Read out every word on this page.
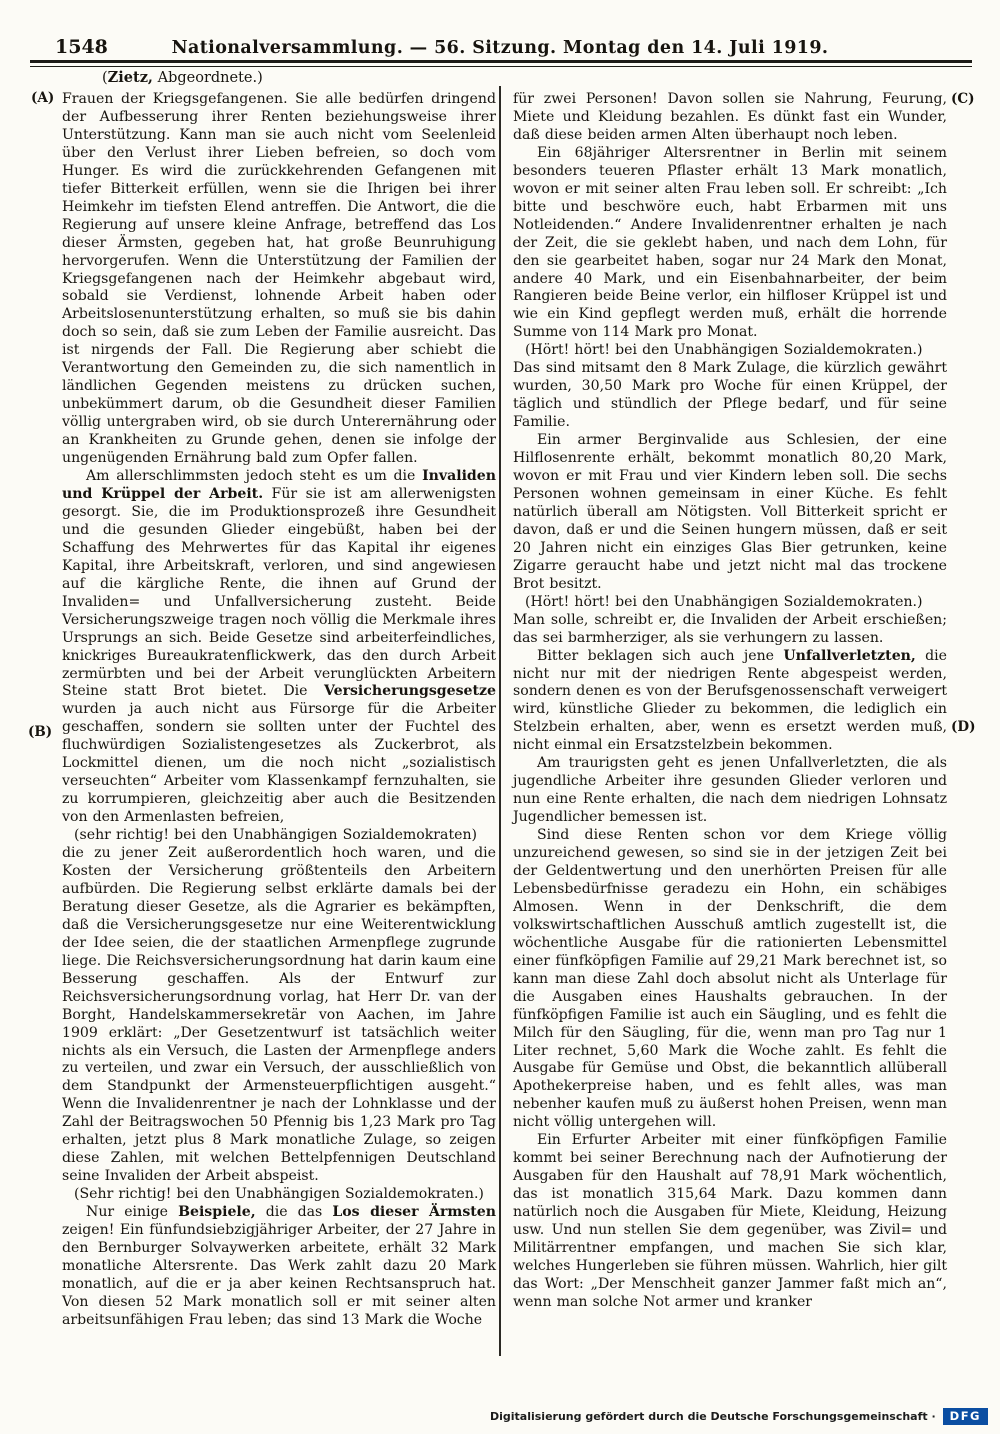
1548	Nationalversammlung. — 56. Sitzung. Montag den 14. Juli 1919.
(Zietz, Abgeordnete.)
(A)
(B)
(C)
(D)

Frauen der Kriegsgefangenen. Sie alle bedürfen dringend der Aufbesserung ihrer Renten beziehungsweise ihrer Unterstützung. Kann man sie auch nicht vom Seelenleid über den Verlust ihrer Lieben befreien, so doch vom Hunger. Es wird die zurückkehrenden Gefangenen mit tiefer Bitterkeit erfüllen, wenn sie die Ihrigen bei ihrer Heimkehr im tiefsten Elend antreffen. Die Antwort, die die Regierung auf unsere kleine Anfrage, betreffend das Los dieser Ärmsten, gegeben hat, hat große Beunruhigung hervorgerufen. Wenn die Unterstützung der Familien der Kriegsgefangenen nach der Heimkehr abgebaut wird, sobald sie Verdienst, lohnende Arbeit haben oder Arbeitslosenunterstützung erhalten, so muß sie bis dahin doch so sein, daß sie zum Leben der Familie ausreicht. Das ist nirgends der Fall. Die Regierung aber schiebt die Verantwortung den Gemeinden zu, die sich namentlich in ländlichen Gegenden meistens zu drücken suchen, unbekümmert darum, ob die Gesundheit dieser Familien völlig untergraben wird, ob sie durch Unterernährung oder an Krankheiten zu Grunde gehen, denen sie infolge der ungenügenden Ernährung bald zum Opfer fallen.

Am allerschlimmsten jedoch steht es um die Invaliden und Krüppel der Arbeit. Für sie ist am allerwenigsten gesorgt. Sie, die im Produktionsprozeß ihre Gesundheit und die gesunden Glieder eingebüßt, haben bei der Schaffung des Mehrwertes für das Kapital ihr eigenes Kapital, ihre Arbeitskraft, verloren, und sind angewiesen auf die kärgliche Rente, die ihnen auf Grund der Invaliden= und Unfallversicherung zusteht. Beide Versicherungszweige tragen noch völlig die Merkmale ihres Ursprungs an sich. Beide Gesetze sind arbeiterfeindliches, knickriges Bureaukratenflickwerk, das den durch Arbeit zermürbten und bei der Arbeit verunglückten Arbeitern Steine statt Brot bietet. Die Versicherungsgesetze wurden ja auch nicht aus Fürsorge für die Arbeiter geschaffen, sondern sie sollten unter der Fuchtel des fluchwürdigen Sozialistengesetzes als Zuckerbrot, als Lockmittel dienen, um die noch nicht „sozialistisch verseuchten“ Arbeiter vom Klassenkampf fernzuhalten, sie zu korrumpieren, gleichzeitig aber auch die Besitzenden von den Armenlasten befreien,

(sehr richtig! bei den Unabhängigen Sozialdemokraten)

die zu jener Zeit außerordentlich hoch waren, und die Kosten der Versicherung größtenteils den Arbeitern aufbürden. Die Regierung selbst erklärte damals bei der Beratung dieser Gesetze, als die Agrarier es bekämpften, daß die Versicherungsgesetze nur eine Weiterentwicklung der Idee seien, die der staatlichen Armenpflege zugrunde liege. Die Reichsversicherungsordnung hat darin kaum eine Besserung geschaffen. Als der Entwurf zur Reichsversicherungsordnung vorlag, hat Herr Dr. van der Borght, Handelskammersekretär von Aachen, im Jahre 1909 erklärt: „Der Gesetzentwurf ist tatsächlich weiter nichts als ein Versuch, die Lasten der Armenpflege anders zu verteilen, und zwar ein Versuch, der ausschließlich von dem Standpunkt der Armensteuerpflichtigen ausgeht.“ Wenn die Invalidenrentner je nach der Lohnklasse und der Zahl der Beitragswochen 50 Pfennig bis 1,23 Mark pro Tag erhalten, jetzt plus 8 Mark monatliche Zulage, so zeigen diese Zahlen, mit welchen Bettelpfennigen Deutschland seine Invaliden der Arbeit abspeist.

(Sehr richtig! bei den Unabhängigen Sozialdemokraten.)

Nur einige Beispiele, die das Los dieser Ärmsten zeigen! Ein fünfundsiebzigjähriger Arbeiter, der 27 Jahre in den Bernburger Solvaywerken arbeitete, erhält 32 Mark monatliche Altersrente. Das Werk zahlt dazu 20 Mark monatlich, auf die er ja aber keinen Rechtsanspruch hat. Von diesen 52 Mark monatlich soll er mit seiner alten arbeitsunfähigen Frau leben; das sind 13 Mark die Woche

für zwei Personen! Davon sollen sie Nahrung, Feurung, Miete und Kleidung bezahlen. Es dünkt fast ein Wunder, daß diese beiden armen Alten überhaupt noch leben.

Ein 68jähriger Altersrentner in Berlin mit seinem besonders teueren Pflaster erhält 13 Mark monatlich, wovon er mit seiner alten Frau leben soll. Er schreibt: „Ich bitte und beschwöre euch, habt Erbarmen mit uns Notleidenden.“ Andere Invalidenrentner erhalten je nach der Zeit, die sie geklebt haben, und nach dem Lohn, für den sie gearbeitet haben, sogar nur 24 Mark den Monat, andere 40 Mark, und ein Eisenbahnarbeiter, der beim Rangieren beide Beine verlor, ein hilfloser Krüppel ist und wie ein Kind gepflegt werden muß, erhält die horrende Summe von 114 Mark pro Monat.

(Hört! hört! bei den Unabhängigen Sozialdemokraten.)

Das sind mitsamt den 8 Mark Zulage, die kürzlich gewährt wurden, 30,50 Mark pro Woche für einen Krüppel, der täglich und stündlich der Pflege bedarf, und für seine Familie.

Ein armer Berginvalide aus Schlesien, der eine Hilflosenrente erhält, bekommt monatlich 80,20 Mark, wovon er mit Frau und vier Kindern leben soll. Die sechs Personen wohnen gemeinsam in einer Küche. Es fehlt natürlich überall am Nötigsten. Voll Bitterkeit spricht er davon, daß er und die Seinen hungern müssen, daß er seit 20 Jahren nicht ein einziges Glas Bier getrunken, keine Zigarre geraucht habe und jetzt nicht mal das trockene Brot besitzt.

(Hört! hört! bei den Unabhängigen Sozialdemokraten.)

Man solle, schreibt er, die Invaliden der Arbeit erschießen; das sei barmherziger, als sie verhungern zu lassen.

Bitter beklagen sich auch jene Unfallverletzten, die nicht nur mit der niedrigen Rente abgespeist werden, sondern denen es von der Berufsgenossenschaft verweigert wird, künstliche Glieder zu bekommen, die lediglich ein Stelzbein erhalten, aber, wenn es ersetzt werden muß, nicht einmal ein Ersatzstelzbein bekommen.

Am traurigsten geht es jenen Unfallverletzten, die als jugendliche Arbeiter ihre gesunden Glieder verloren und nun eine Rente erhalten, die nach dem niedrigen Lohnsatz Jugendlicher bemessen ist.

Sind diese Renten schon vor dem Kriege völlig unzureichend gewesen, so sind sie in der jetzigen Zeit bei der Geldentwertung und den unerhörten Preisen für alle Lebensbedürfnisse geradezu ein Hohn, ein schäbiges Almosen. Wenn in der Denkschrift, die dem volkswirtschaftlichen Ausschuß amtlich zugestellt ist, die wöchentliche Ausgabe für die rationierten Lebensmittel einer fünfköpfigen Familie auf 29,21 Mark berechnet ist, so kann man diese Zahl doch absolut nicht als Unterlage für die Ausgaben eines Haushalts gebrauchen. In der fünfköpfigen Familie ist auch ein Säugling, und es fehlt die Milch für den Säugling, für die, wenn man pro Tag nur 1 Liter rechnet, 5,60 Mark die Woche zahlt. Es fehlt die Ausgabe für Gemüse und Obst, die bekanntlich allüberall Apothekerpreise haben, und es fehlt alles, was man nebenher kaufen muß zu äußerst hohen Preisen, wenn man nicht völlig untergehen will.

Ein Erfurter Arbeiter mit einer fünfköpfigen Familie kommt bei seiner Berechnung nach der Aufnotierung der Ausgaben für den Haushalt auf 78,91 Mark wöchentlich, das ist monatlich 315,64 Mark. Dazu kommen dann natürlich noch die Ausgaben für Miete, Kleidung, Heizung usw. Und nun stellen Sie dem gegenüber, was Zivil= und Militärrentner empfangen, und machen Sie sich klar, welches Hungerleben sie führen müssen. Wahrlich, hier gilt das Wort: „Der Menschheit ganzer Jammer faßt mich an“, wenn man solche Not armer und kranker

Digitalisierung gefördert durch die Deutsche Forschungsgemeinschaft ·	DFG
